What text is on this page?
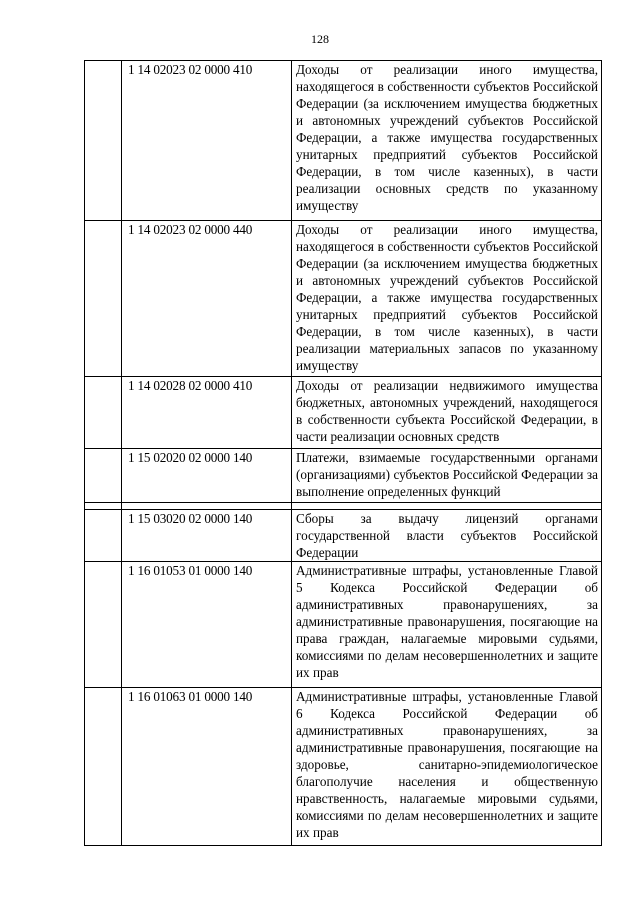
128
	1 14 02023 02 0000 410	Доходы от реализации иного имущества, находящегося в собственности субъектов Российской Федерации (за исключением имущества бюджетных и автономных учреждений субъектов Российской Федерации, а также имущества государственных унитарных предприятий субъектов Российской Федерации, в том числе казенных), в части реализации основных средств по указанному имуществу
	1 14 02023 02 0000 440	Доходы от реализации иного имущества, находящегося в собственности субъектов Российской Федерации (за исключением имущества бюджетных и автономных учреждений субъектов Российской Федерации, а также имущества государственных унитарных предприятий субъектов Российской Федерации, в том числе казенных), в части реализации материальных запасов по указанному имуществу
	1 14 02028 02 0000 410	Доходы от реализации недвижимого имущества бюджетных, автономных учреждений, находящегося в собственности субъекта Российской Федерации, в части реализации основных средств
	1 15 02020 02 0000 140	Платежи, взимаемые государственными органами (организациями) субъектов Российской Федерации за выполнение определенных функций

	1 15 03020 02 0000 140	Сборы за выдачу лицензий органами государственной власти субъектов Российской Федерации
	1 16 01053 01 0000 140	Административные штрафы, установленные Главой 5 Кодекса Российской Федерации об административных правонарушениях, за административные правонарушения, посягающие на права граждан, налагаемые мировыми судьями, комиссиями по делам несовершеннолетних и защите их прав
	1 16 01063 01 0000 140	Административные штрафы, установленные Главой 6 Кодекса Российской Федерации об административных правонарушениях, за административные правонарушения, посягающие на здоровье, санитарно-эпидемиологическое благополучие населения и общественную нравственность, налагаемые мировыми судьями, комиссиями по делам несовершеннолетних и защите их прав
